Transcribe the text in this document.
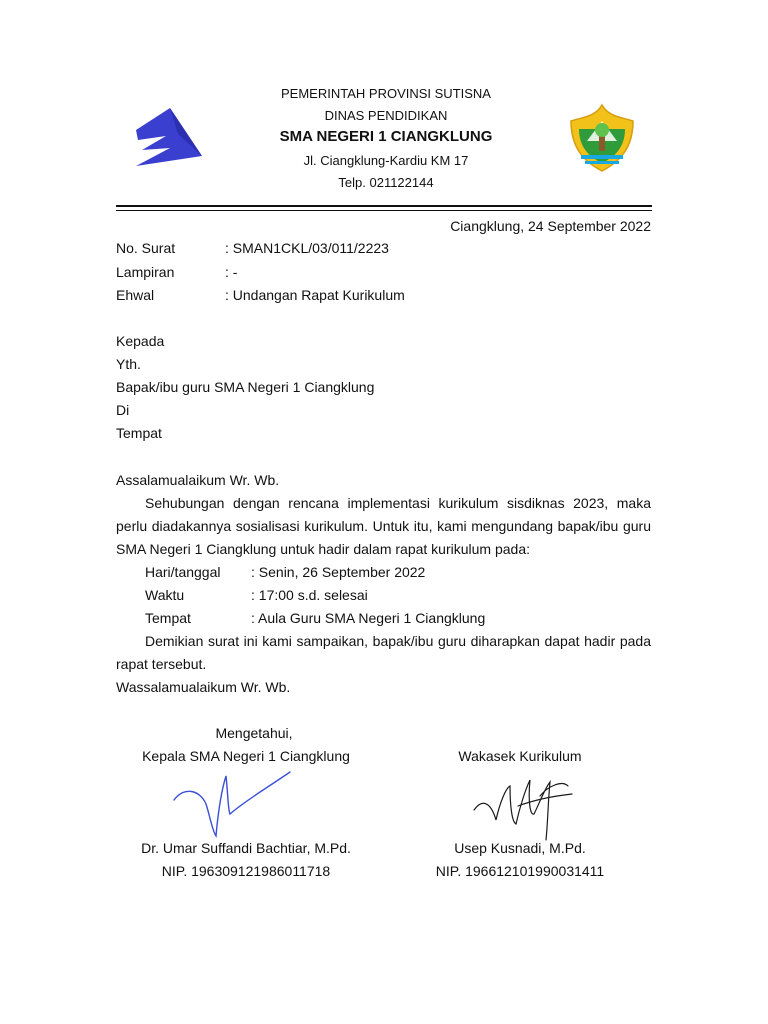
PEMERINTAH PROVINSI SUTISNA
DINAS PENDIDIKAN
SMA NEGERI 1 CIANGKLUNG
Jl. Ciangklung-Kardiu KM 17
Telp. 021122144
Ciangklung, 24 September 2022
No. Surat	: SMAN1CKL/03/011/2223
Lampiran	: -
Ehwal	: Undangan Rapat Kurikulum
Kepada
Yth.
Bapak/ibu guru SMA Negeri 1 Ciangklung
Di
Tempat
Assalamualaikum Wr. Wb.
Sehubungan dengan rencana implementasi kurikulum sisdiknas 2023, maka
perlu diadakannya sosialisasi kurikulum. Untuk itu, kami mengundang bapak/ibu guru
SMA Negeri 1 Ciangklung untuk hadir dalam rapat kurikulum pada:
Hari/tanggal : Senin, 26 September 2022
Waktu	: 17:00 s.d. selesai
Tempat	: Aula Guru SMA Negeri 1 Ciangklung
Demikian surat ini kami sampaikan, bapak/ibu guru diharapkan dapat hadir pada
rapat tersebut.
Wassalamualaikum Wr. Wb.
Mengetahui,
Kepala SMA Negeri 1 Ciangklung	Wakasek Kurikulum
Dr. Umar Suffandi Bachtiar, M.Pd.	Usep Kusnadi, M.Pd.
NIP. 196309121986011718	NIP. 196612101990031411
